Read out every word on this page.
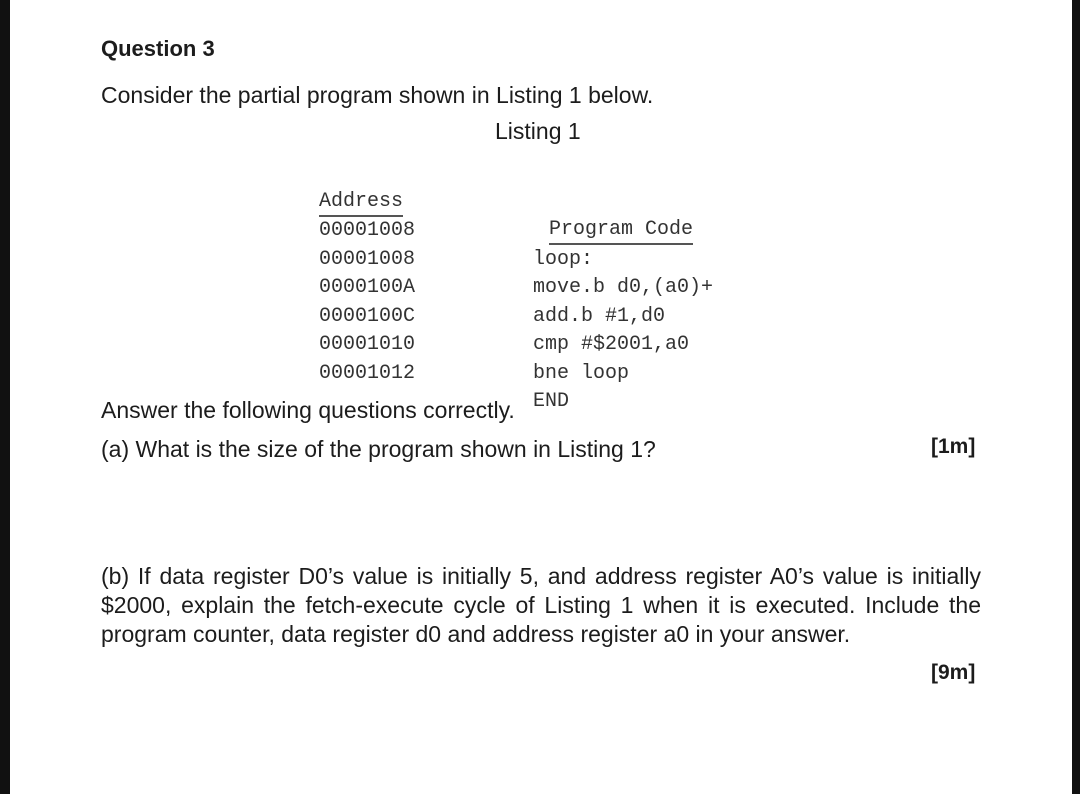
Question 3
Consider the partial program shown in Listing 1 below.
Listing 1

Address

Program Code

00001008

loop:

00001008

move.b d0,(a0)+

0000100A

add.b #1,d0

0000100C

cmp #$2001,a0

00001010

bne loop

00001012

END

Answer the following questions correctly.
(a) What is the size of the program shown in Listing 1?	[1m]
(b) If data register D0’s value is initially 5, and address register A0’s value is initially $2000, explain the fetch-execute cycle of Listing 1 when it is executed. Include the program counter, data register d0 and address register a0 in your answer.
[9m]
